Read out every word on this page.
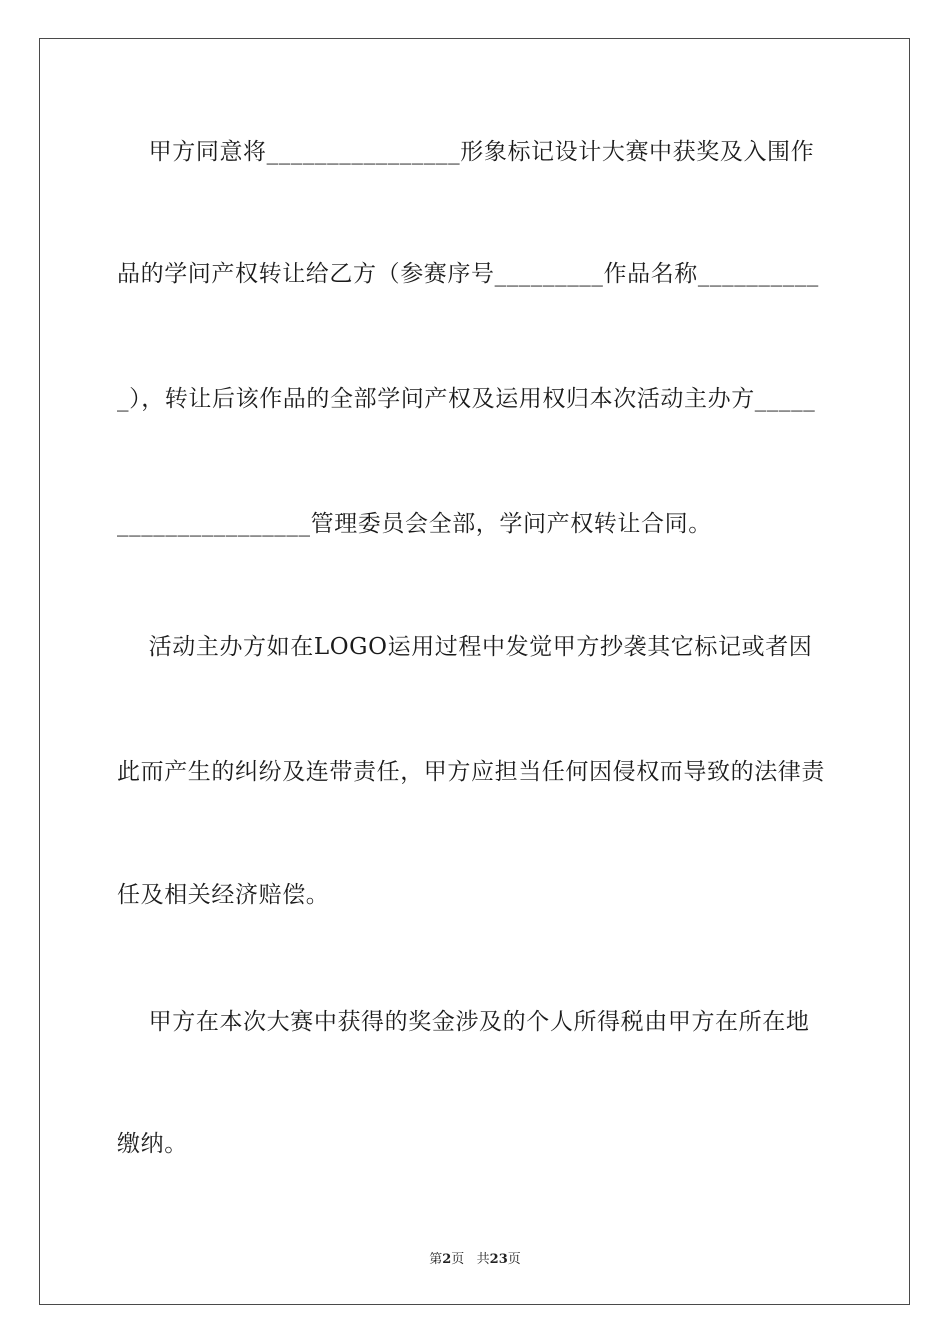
甲方同意将________________形象标记设计大赛中获奖及入围作
品的学问产权转让给乙方（参赛序号_________作品名称__________
_），转让后该作品的全部学问产权及运用权归本次活动主办方_____
________________管理委员会全部，学问产权转让合同。
活动主办方如在LOGO运用过程中发觉甲方抄袭其它标记或者因
此而产生的纠纷及连带责任，甲方应担当任何因侵权而导致的法律责
任及相关经济赔偿。
甲方在本次大赛中获得的奖金涉及的个人所得税由甲方在所在地
缴纳。
第2页   共23页
